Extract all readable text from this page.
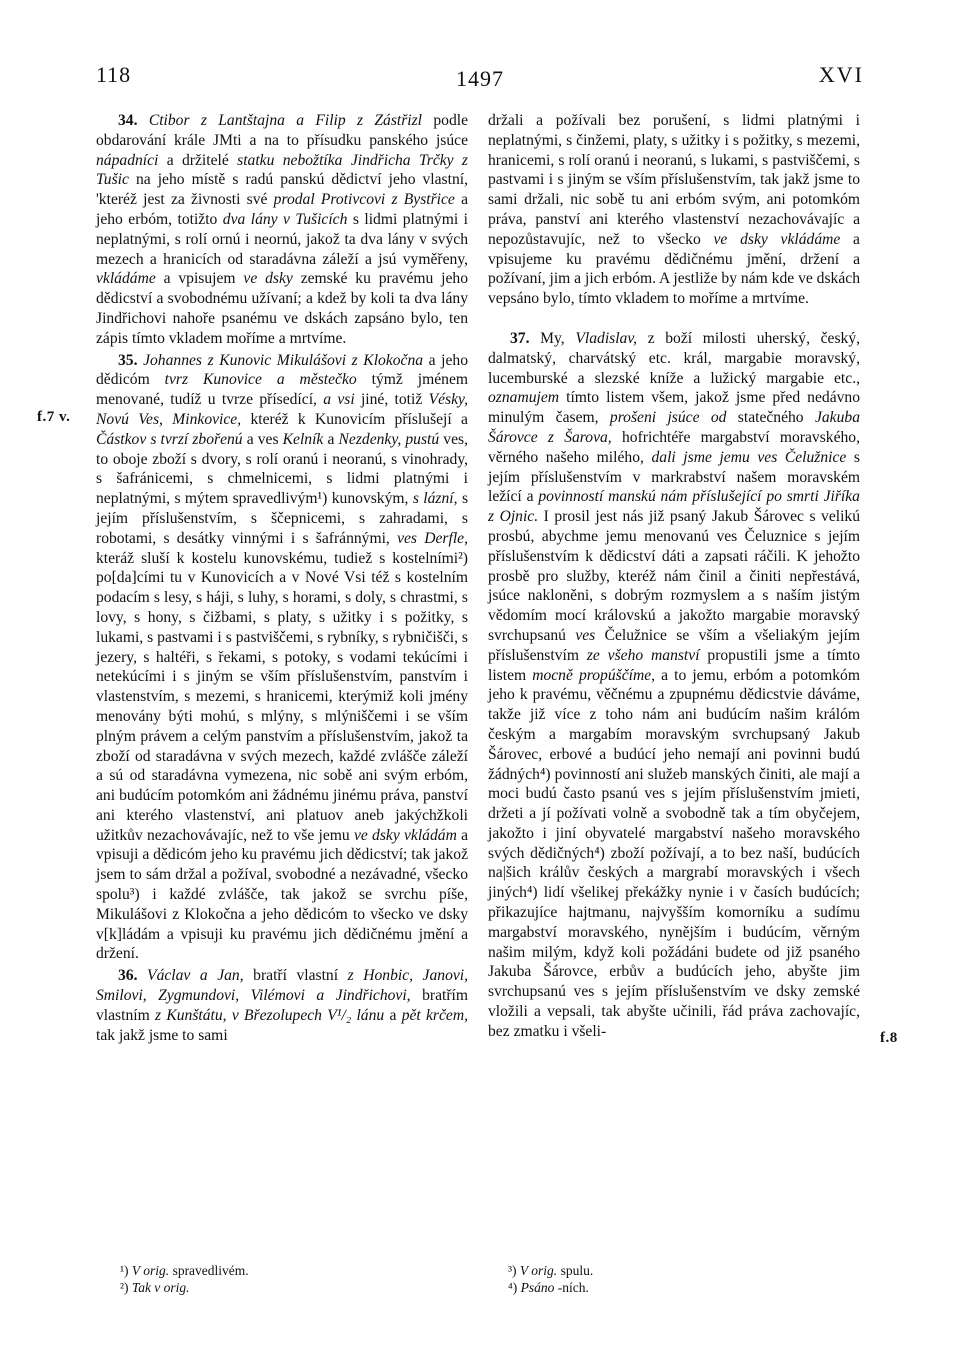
118	1497	XVI
f.7 v.
f.8

34. Ctibor z Lantštajna a Filip z Zástřizl podle obdarování krále JMti a na to přísudku panského jsúce nápadníci a držitelé statku nebožtíka Jindřicha Trčky z Tušic na jeho místě s radú panskú dědictví jeho vlastní, 'kteréž jest za živnosti své prodal Protivcovi z Bystřice a jeho erbóm, totižto dva lány v Tušicích s lidmi platnými i neplatnými, s rolí ornú i neornú, jakož ta dva lány v svých mezech a hranicích od staradávna záleží a jsú vyměřeny, vkládáme a vpisujem ve dsky zemské ku pravému jeho dědicství a svobodnému užívaní; a kdež by koli ta dva lány Jindřichovi nahoře psanému ve dskách zapsáno bylo, ten zápis tímto vkladem moříme a mrtvíme.

35. Johannes z Kunovic Mikulášovi z Klokočna a jeho dědicóm tvrz Kunovice a městečko týmž jménem menované, tudíž u tvrze přísedící, a vsi jiné, totiž Vésky, Novú Ves, Minkovice, kteréž k Kunovicím příslušejí a Částkov s tvrzí zbořenú a ves Kelník a Nezdenky, pustú ves, to oboje zboží s dvory, s rolí oranú i neoranú, s vinohrady, s šafránicemi, s chmelnicemi, s lidmi platnými i neplatnými, s mýtem spravedlivým¹) kunovským, s lázní, s jejím příslušenstvím, s ščepnicemi, s zahradami, s robotami, s desátky vinnými i s šafránnými, ves Derfle, kteráž sluší k kostelu kunovskému, tudiež s kostelními²) po[da]cími tu v Kunovicích a v Nové Vsi též s kostelním podacím s lesy, s háji, s luhy, s horami, s doly, s chrastmi, s lovy, s hony, s čižbami, s platy, s užitky i s požitky, s lukami, s pastvami i s pastviščemi, s rybníky, s rybničišči, s jezery, s haltéři, s řekami, s potoky, s vodami tekúcími i netekúcími i s jiným se vším příslušenstvím, panstvím i vlastenstvím, s mezemi, s hranicemi, kterýmiž koli jmény menovány býti mohú, s mlýny, s mlýniščemi i se vším plným právem a celým panstvím a příslušenstvím, jakož ta zboží od staradávna v svých mezech, každé zvlášče záleží a sú od staradávna vymezena, nic sobě ani svým erbóm, ani budúcím potomkóm ani žádnému jinému práva, panství ani kterého vlastenství, ani platuov aneb jakýchžkoli užitkův nezachovávajíc, než to vše jemu ve dsky vkládám a vpisuji a dědicóm jeho ku pravému jich dědicství; tak jakož jsem to sám držal a požíval, svobodné a nezávadné, všecko spolu³) i každé zvlášče, tak jakož se svrchu píše, Mikulášovi z Klokočna a jeho dědicóm to všecko ve dsky v[k]ládám a vpisuji ku pravému jich dědičnému jmění a držení.

36. Václav a Jan, bratří vlastní z Honbic, Janovi, Smilovi, Zygmundovi, Vilémovi a Jindřichovi, bratřím vlastním z Kunštátu, v Březolupech V¹/₂ lánu a pět krčem, tak jakž jsme to sami

držali a požívali bez porušení, s lidmi platnými i neplatnými, s činžemi, platy, s užitky i s požitky, s mezemi, hranicemi, s rolí oranú i neoranú, s lukami, s pastviščemi, s pastvami i s jiným se vším příslušenstvím, tak jakž jsme to sami držali, nic sobě tu ani erbóm svým, ani potomkóm práva, panství ani kterého vlastenství nezachovávajíc a nepozůstavujíc, než to všecko ve dsky vkládáme a vpisujeme ku pravému dědičnému jmění, držení a požívaní, jim a jich erbóm. A jestliže by nám kde ve dskách vepsáno bylo, tímto vkladem to moříme a mrtvíme.

37. My, Vladislav, z boží milosti uherský, český, dalmatský, charvátský etc. král, margabie moravský, lucemburské a slezské kníže a lužický margabie etc., oznamujem tímto listem všem, jakož jsme před nedávno minulým časem, prošeni jsúce od statečného Jakuba Šárovce z Šarova, hofrichtéře margabství moravského, věrného našeho milého, dali jsme jemu ves Čelužnice s jejím příslušenstvím v markrabství našem moravském ležící a povinností manskú nám příslušející po smrti Jiříka z Ojnic. I prosil jest nás již psaný Jakub Šárovec s velikú prosbú, abychme jemu menovanú ves Čeluznice s jejím příslušenstvím k dědicství dáti a zapsati ráčili. K jehožto prosbě pro služby, kteréž nám činil a činiti nepřestává, jsúce nakloněni, s dobrým rozmyslem a s naším jistým vědomím mocí královskú a jakožto margabie moravský svrchupsanú ves Čelužnice se vším a všeliakým jejím příslušenstvím ze všeho manství propustili jsme a tímto listem mocně propúščíme, a to jemu, erbóm a potomkóm jeho k pravému, věčnému a zpupnému dědicstvie dáváme, takže již více z toho nám ani budúcím našim králóm českým a margabím moravským svrchupsaný Jakub Šárovec, erbové a budúcí jeho nemají ani povinni budú žádných⁴) povinností ani služeb manských činiti, ale mají a moci budú často psanú ves s jejím příslušenstvím jmieti, držeti a jí požívati volně a svobodně tak a tím obyčejem, jakožto i jiní obyvatelé margabství našeho moravského svých dědičných⁴) zboží požívají, a to bez naší, budúcích na|šich králův českých a margrabí moravských i všech jiných⁴) lidí všelikej překážky nynie i v časích budúcích; přikazujíce hajtmanu, najvyšším komorníku a sudímu margabství moravského, nynějším i budúcím, věrným našim milým, když koli požádáni budete od již psaného Jakuba Šárovce, erbův a budúcích jeho, abyšte jim svrchupsanú ves s jejím příslušenstvím ve dsky zemské vložili a vepsali, tak abyšte učinili, řád práva zachovajíc, bez zmatku i všeli-

¹) V orig. spravedlivém.
²) Tak v orig.
³) V orig. spulu.
⁴) Psáno -ních.
